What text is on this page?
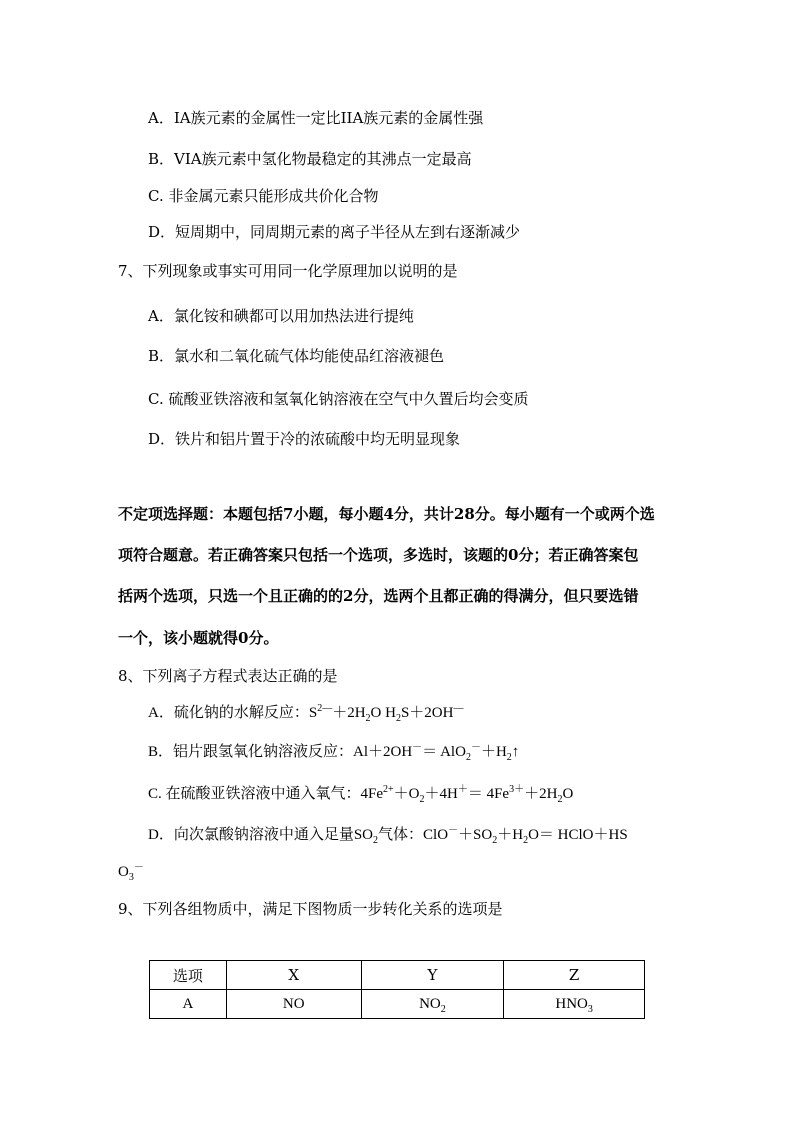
A．IA族元素的金属性一定比IIA族元素的金属性强
B．VIA族元素中氢化物最稳定的其沸点一定最高
C. 非金属元素只能形成共价化合物
D．短周期中，同周期元素的离子半径从左到右逐渐减少
7、下列现象或事实可用同一化学原理加以说明的是
A．氯化铵和碘都可以用加热法进行提纯
B．氯水和二氧化硫气体均能使品红溶液褪色
C. 硫酸亚铁溶液和氢氧化钠溶液在空气中久置后均会变质
D．铁片和铝片置于冷的浓硫酸中均无明显现象
不定项选择题：本题包括7小题，每小题4分，共计28分。每小题有一个或两个选
项符合题意。若正确答案只包括一个选项，多选时，该题的0分；若正确答案包
括两个选项，只选一个且正确的的2分，选两个且都正确的得满分，但只要选错
一个，该小题就得0分。
8、下列离子方程式表达正确的是
A．硫化钠的水解反应：$S^{2—}+2H_2O$ $H_2S+2OH^—$
B．铝片跟氢氧化钠溶液反应：$Al+2OH^-= AlO_2^-+H_2↑$
C. 在硫酸亚铁溶液中通入氧气：$4Fe^{2+}+O_2+4H^+= 4Fe^{3+}+2H_2O$
D．向次氯酸钠溶液中通入足量$SO_2$气体：$ClO^-+SO_2+H_2O=$ HClO＋HS
$O_3^-$
9、下列各组物质中，满足下图物质一步转化关系的选项是
选项	X	Y	Z
A	NO	$NO_2$	$HNO_3$
